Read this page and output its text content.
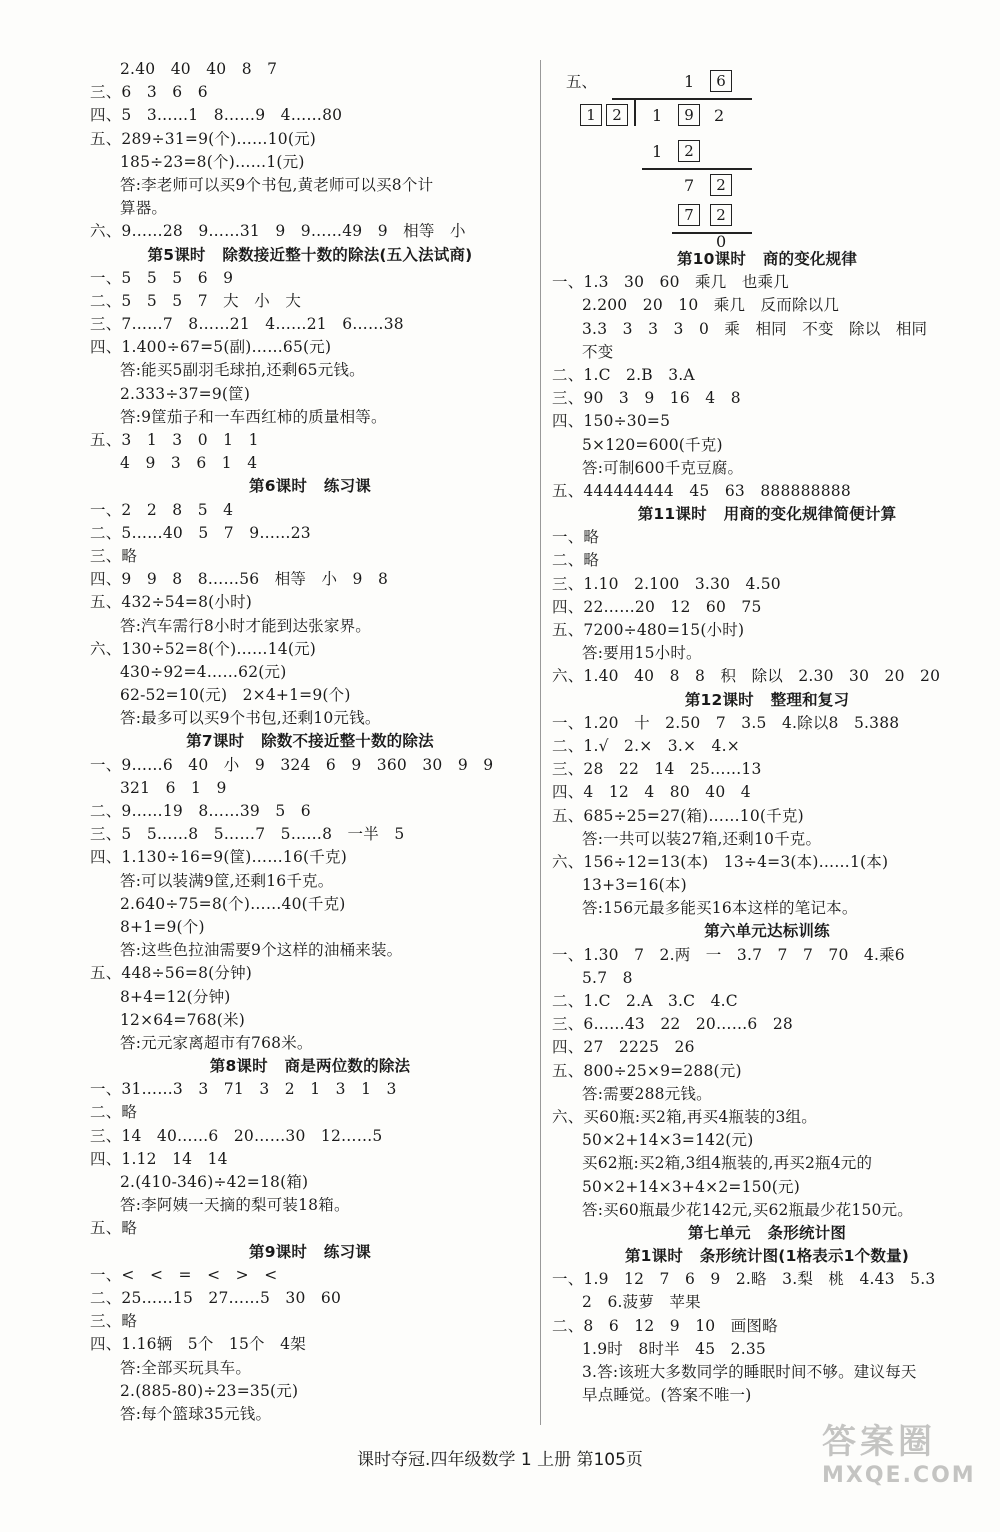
2.40   40   40   8   7
三、6   3   6   6
四、5   3……1   8……9   4……80
五、289÷31=9(个)……10(元)
185÷23=8(个)……1(元)
答:李老师可以买9个书包,黄老师可以买8个计
算器。
六、9……28   9……31   9   9……49   9   相等   小
第5课时   除数接近整十数的除法(五入法试商)
一、5   5   5   6   9
二、5   5   5   7   大   小   大
三、7……7   8……21   4……21   6……38
四、1.400÷67=5(副)……65(元)
答:能买5副羽毛球拍,还剩65元钱。
2.333÷37=9(筐)
答:9筐茄子和一车西红柿的质量相等。
五、3   1   3   0   1   1
4   9   3   6   1   4
第6课时   练习课
一、2   2   8   5   4
二、5……40   5   7   9……23
三、略
四、9   9   8   8……56   相等   小   9   8
五、432÷54=8(小时)
答:汽车需行8小时才能到达张家界。
六、130÷52=8(个)……14(元)
430÷92=4……62(元)
62-52=10(元)   2×4+1=9(个)
答:最多可以买9个书包,还剩10元钱。
第7课时   除数不接近整十数的除法
一、9……6   40   小   9   324   6   9   360   30   9   9
321   6   1   9
二、9……19   8……39   5   6
三、5   5……8   5……7   5……8   一半   5
四、1.130÷16=9(筐)……16(千克)
答:可以装满9筐,还剩16千克。
2.640÷75=8(个)……40(千克)
8+1=9(个)
答:这些色拉油需要9个这样的油桶来装。
五、448÷56=8(分钟)
8+4=12(分钟)
12×64=768(米)
答:元元家离超市有768米。
第8课时   商是两位数的除法
一、31……3   3   71   3   2   1   3   1   3
二、略
三、14   40……6   20……30   12……5
四、1.12   14   14
2.(410-346)÷42=18(箱)
答:李阿姨一天摘的梨可装18箱。
五、略
第9课时   练习课
一、<   <   =   <   >   <
二、25……15   27……5   30   60
三、略
四、1.16辆   5个   15个   4架
答:全部买玩具车。
2.(885-80)÷23=35(元)
答:每个篮球35元钱。
五、	1	6
1	2	1	9	2
1	2
7	2
7	2
0
第10课时   商的变化规律
一、1.3   30   60   乘几   也乘几
2.200   20   10   乘几   反而除以几
3.3   3   3   3   0   乘   相同   不变   除以   相同
不变
二、1.C   2.B   3.A
三、90   3   9   16   4   8
四、150÷30=5
5×120=600(千克)
答:可制600千克豆腐。
五、444444444   45   63   888888888
第11课时   用商的变化规律简便计算
一、略
二、略
三、1.10   2.100   3.30   4.50
四、22……20   12   60   75
五、7200÷480=15(小时)
答:要用15小时。
六、1.40   40   8   8   积   除以   2.30   30   20   20
第12课时   整理和复习
一、1.20   十   2.50   7   3.5   4.除以8   5.388
二、1.√   2.×   3.×   4.×
三、28   22   14   25……13
四、4   12   4   80   40   4
五、685÷25=27(箱)……10(千克)
答:一共可以装27箱,还剩10千克。
六、156÷12=13(本)   13÷4=3(本)……1(本)
13+3=16(本)
答:156元最多能买16本这样的笔记本。
第六单元达标训练
一、1.30   7   2.两   一   3.7   7   7   70   4.乘6
5.7   8
二、1.C   2.A   3.C   4.C
三、6……43   22   20……6   28
四、27   2225   26
五、800÷25×9=288(元)
答:需要288元钱。
六、买60瓶:买2箱,再买4瓶装的3组。
50×2+14×3=142(元)
买62瓶:买2箱,3组4瓶装的,再买2瓶4元的
50×2+14×3+4×2=150(元)
答:买60瓶最少花142元,买62瓶最少花150元。
第七单元   条形统计图
第1课时   条形统计图(1格表示1个数量)
一、1.9   12   7   6   9   2.略   3.梨   桃   4.43   5.3
2   6.菠萝   苹果
二、8   6   12   9   10   画图略
1.9时   8时半   45   2.35
3.答:该班大多数同学的睡眠时间不够。建议每天
早点睡觉。(答案不唯一)
课时夺冠.四年级数学 1 上册 第105页	答案圈
MXQE.COM
